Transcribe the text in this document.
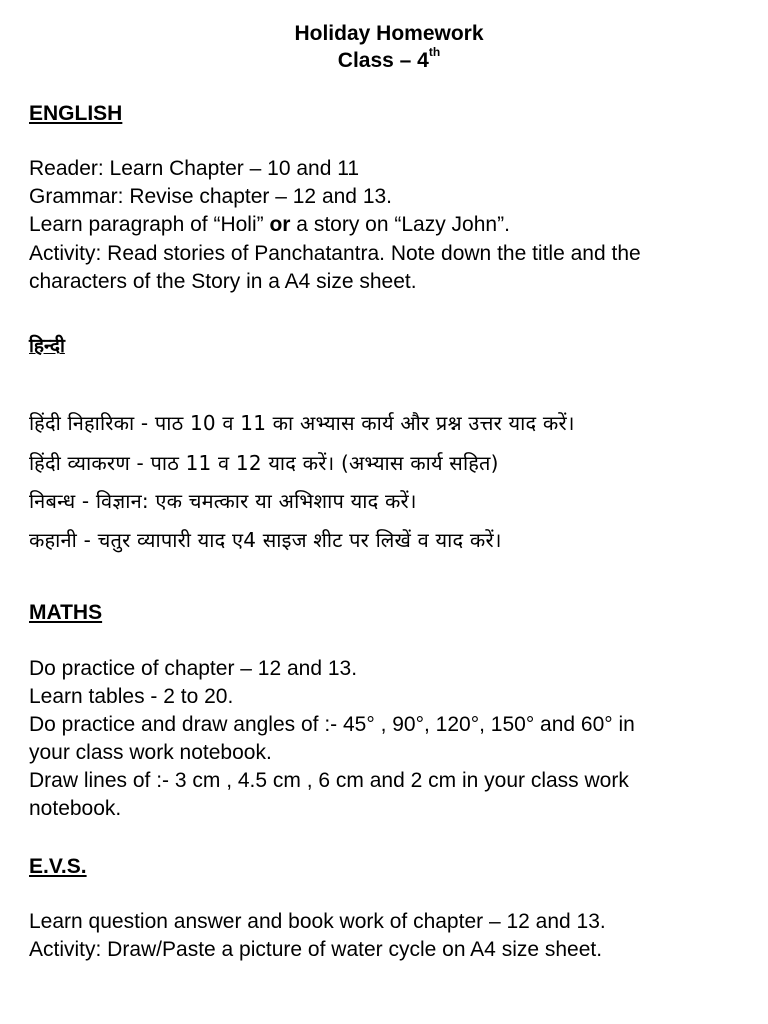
Holiday Homework
Class – 4th
ENGLISH
Reader: Learn Chapter – 10 and 11
Grammar: Revise chapter – 12 and 13.
Learn paragraph of “Holi” or a story on “Lazy John”.
Activity: Read stories of Panchatantra. Note down the title and the
characters of the Story in a A4 size sheet.
हिन्दी
हिंदी निहारिका - पाठ 10 व 11 का अभ्यास कार्य और प्रश्न उत्तर याद करें।
हिंदी व्याकरण - पाठ 11 व 12 याद करें। (अभ्यास कार्य सहित)
निबन्ध - विज्ञान: एक चमत्कार या अभिशाप याद करें।
कहानी - चतुर व्यापारी याद ए4 साइज शीट पर लिखें व याद करें।
MATHS
Do practice of chapter – 12 and 13.
Learn tables - 2 to 20.
Do practice and draw angles of :- 45° , 90°, 120°, 150° and 60° in
your class work notebook.
Draw lines of :- 3 cm , 4.5 cm , 6 cm and 2 cm in your class work
notebook.
E.V.S.
Learn question answer and book work of chapter – 12 and 13.
Activity: Draw/Paste a picture of water cycle on A4 size sheet.
